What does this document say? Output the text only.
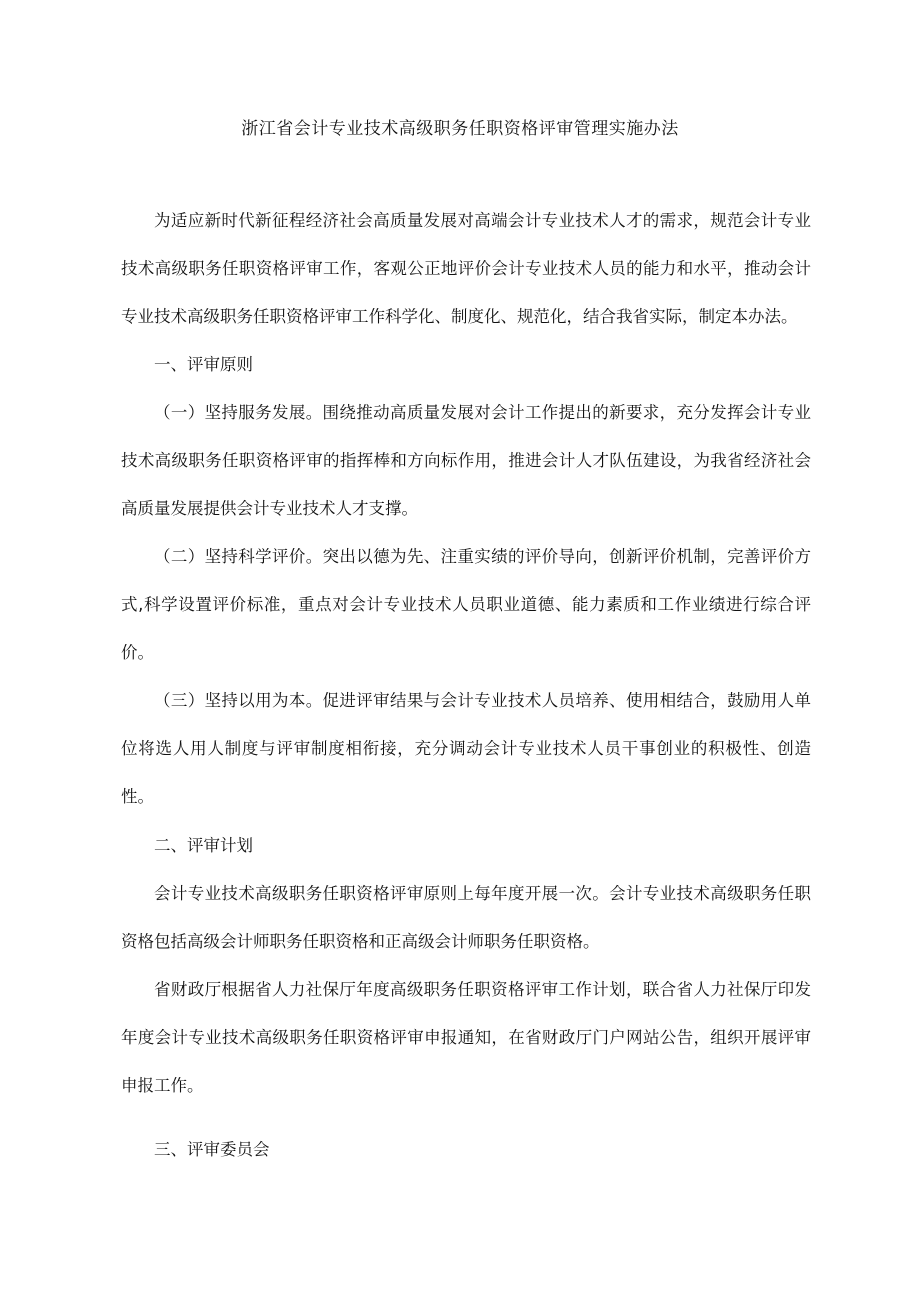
浙江省会计专业技术高级职务任职资格评审管理实施办法

为适应新时代新征程经济社会高质量发展对高端会计专业技术人才的需求，规范会计专业技术高级职务任职资格评审工作，客观公正地评价会计专业技术人员的能力和水平，推动会计专业技术高级职务任职资格评审工作科学化、制度化、规范化，结合我省实际，制定本办法。

一、评审原则

（一）坚持服务发展。围绕推动高质量发展对会计工作提出的新要求，充分发挥会计专业技术高级职务任职资格评审的指挥棒和方向标作用，推进会计人才队伍建设，为我省经济社会高质量发展提供会计专业技术人才支撑。

（二）坚持科学评价。突出以德为先、注重实绩的评价导向，创新评价机制，完善评价方式,科学设置评价标准，重点对会计专业技术人员职业道德、能力素质和工作业绩进行综合评价。

（三）坚持以用为本。促进评审结果与会计专业技术人员培养、使用相结合，鼓励用人单位将选人用人制度与评审制度相衔接，充分调动会计专业技术人员干事创业的积极性、创造性。

二、评审计划

会计专业技术高级职务任职资格评审原则上每年度开展一次。会计专业技术高级职务任职资格包括高级会计师职务任职资格和正高级会计师职务任职资格。

省财政厅根据省人力社保厅年度高级职务任职资格评审工作计划，联合省人力社保厅印发年度会计专业技术高级职务任职资格评审申报通知，在省财政厅门户网站公告，组织开展评审申报工作。

三、评审委员会
